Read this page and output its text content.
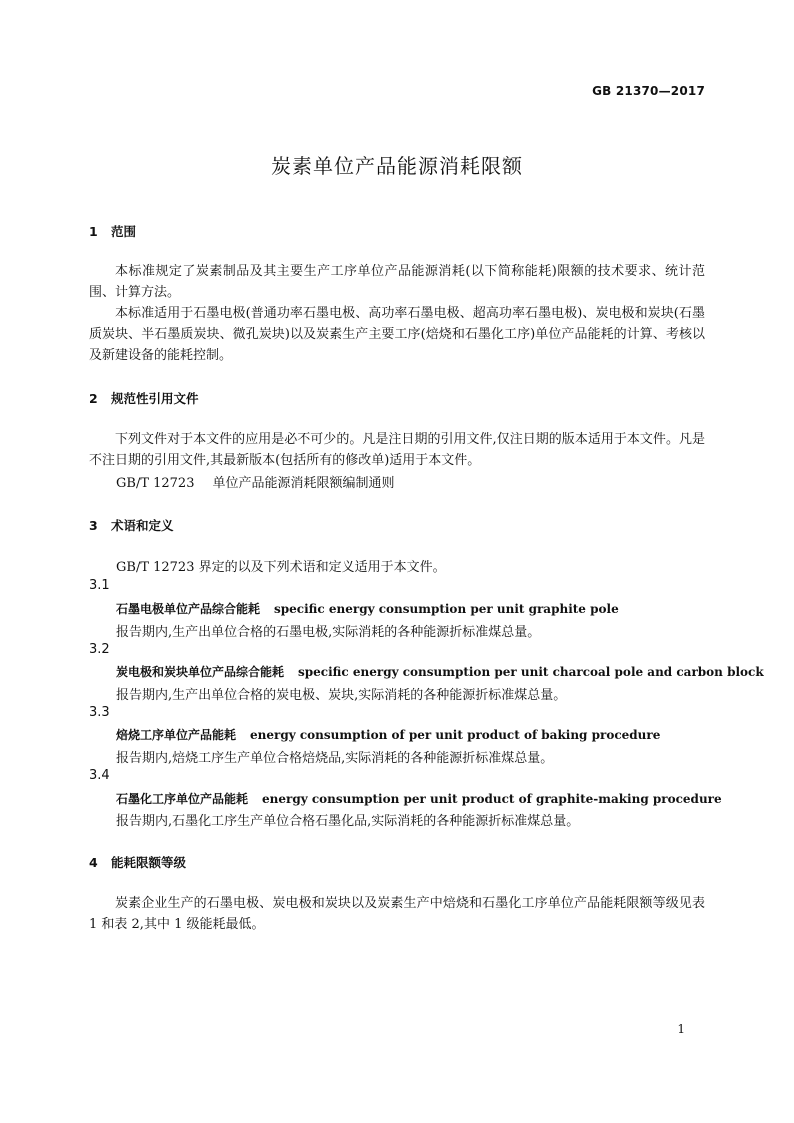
GB 21370—2017
炭素单位产品能源消耗限额
1 范围
本标准规定了炭素制品及其主要生产工序单位产品能源消耗(以下简称能耗)限额的技术要求、统计范围、计算方法。
本标准适用于石墨电极(普通功率石墨电极、高功率石墨电极、超高功率石墨电极)、炭电极和炭块(石墨质炭块、半石墨质炭块、微孔炭块)以及炭素生产主要工序(焙烧和石墨化工序)单位产品能耗的计算、考核以及新建设备的能耗控制。
2 规范性引用文件
下列文件对于本文件的应用是必不可少的。凡是注日期的引用文件,仅注日期的版本适用于本文件。凡是不注日期的引用文件,其最新版本(包括所有的修改单)适用于本文件。
GB/T 12723 单位产品能源消耗限额编制通则
3 术语和定义
GB/T 12723 界定的以及下列术语和定义适用于本文件。
3.1
石墨电极单位产品综合能耗 specific energy consumption per unit graphite pole
报告期内,生产出单位合格的石墨电极,实际消耗的各种能源折标准煤总量。
3.2
炭电极和炭块单位产品综合能耗 specific energy consumption per unit charcoal pole and carbon block
报告期内,生产出单位合格的炭电极、炭块,实际消耗的各种能源折标准煤总量。
3.3
焙烧工序单位产品能耗 energy consumption of per unit product of baking procedure
报告期内,焙烧工序生产单位合格焙烧品,实际消耗的各种能源折标准煤总量。
3.4
石墨化工序单位产品能耗 energy consumption per unit product of graphite-making procedure
报告期内,石墨化工序生产单位合格石墨化品,实际消耗的各种能源折标准煤总量。
4 能耗限额等级
炭素企业生产的石墨电极、炭电极和炭块以及炭素生产中焙烧和石墨化工序单位产品能耗限额等级见表 1 和表 2,其中 1 级能耗最低。
1
